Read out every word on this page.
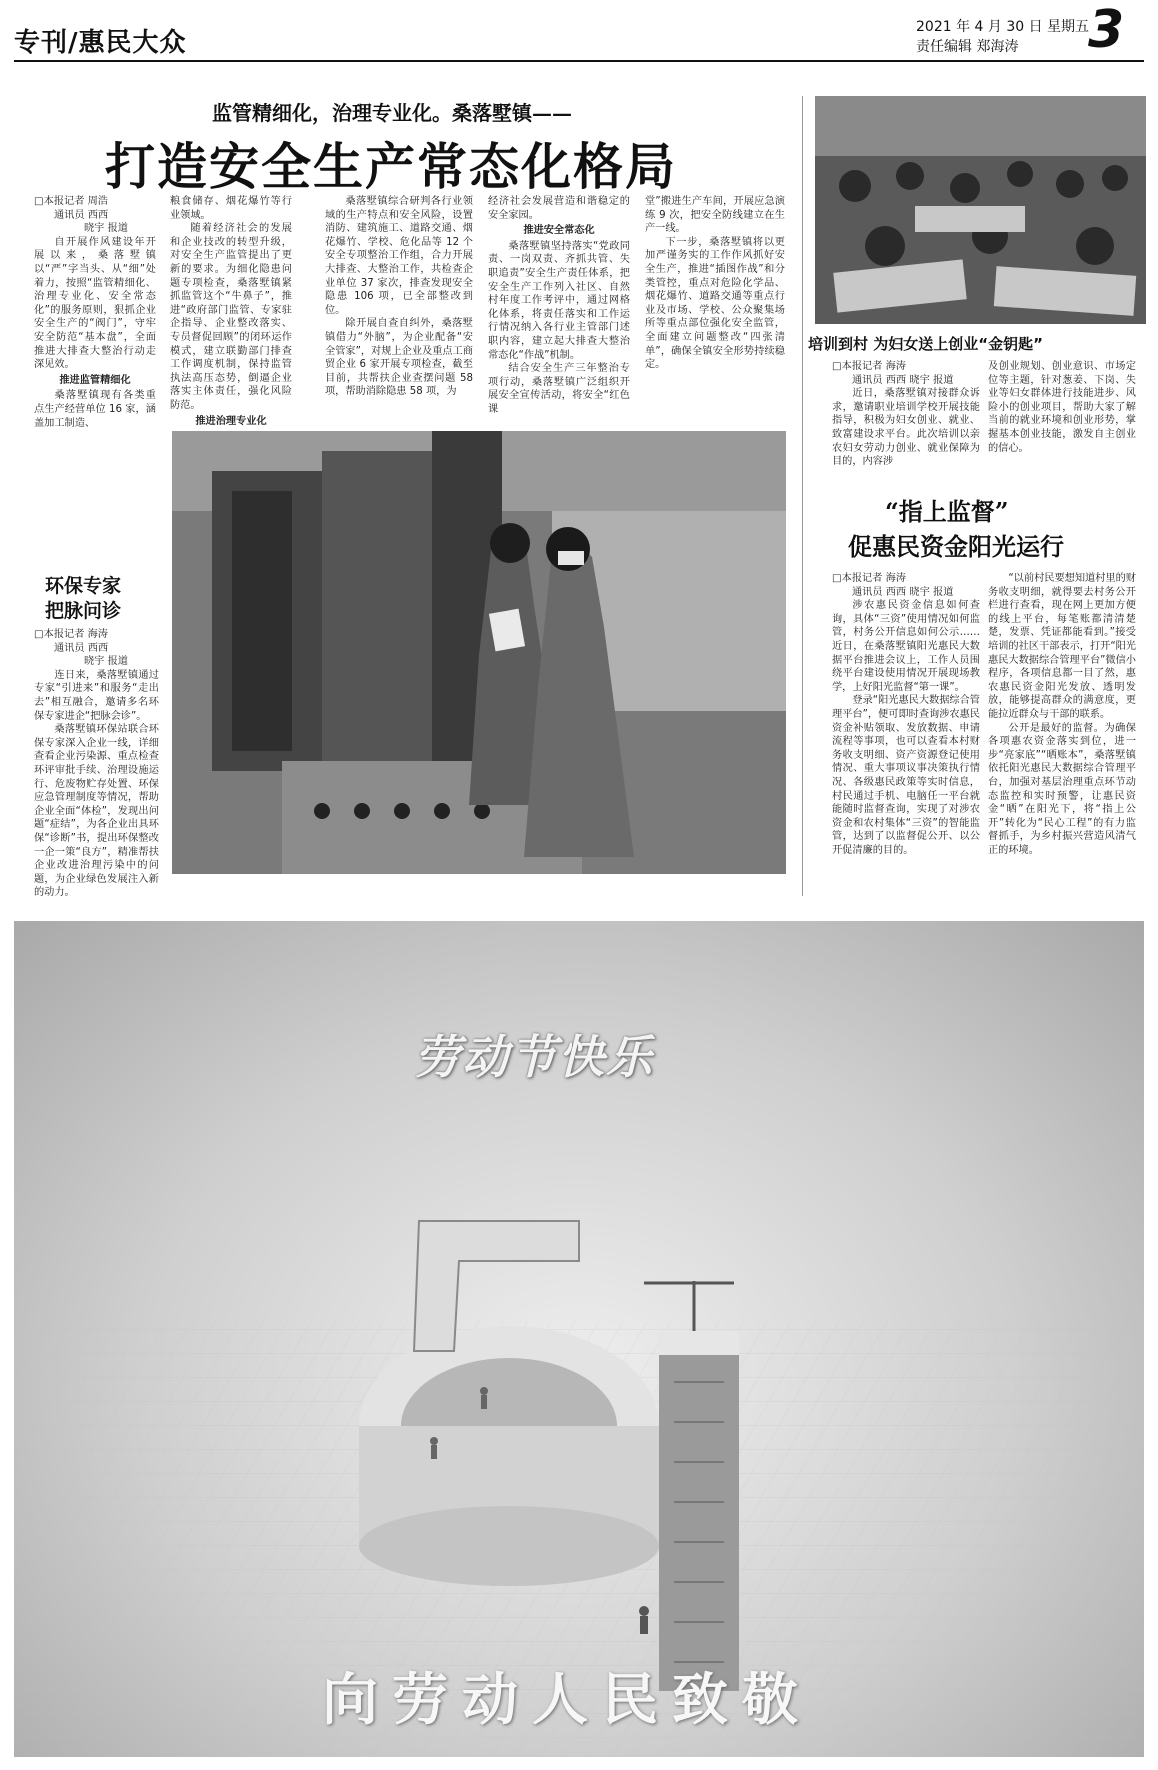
专刊/惠民大众
2021 年 4 月 30 日 星期五
责任编辑 郑海涛 3
监管精细化，治理专业化。桑落墅镇——
打造安全生产常态化格局

□本报记者 周浩

通讯员 西西

晓宇 报道

自开展作风建设年开展以来，桑落墅镇以“严”字当头、从“细”处着力，按照“监管精细化、治理专业化、安全常态化”的服务原则，狠抓企业安全生产的“阀门”，守牢安全防范“基本盘”，全面推进大排查大整治行动走深见效。

推进监管精细化

桑落墅镇现有各类重点生产经营单位 16 家，涵盖加工制造、

粮食储存、烟花爆竹等行业领域。

随着经济社会的发展和企业技改的转型升级，对安全生产监管提出了更新的要求。为细化隐患问题专项检查，桑落墅镇紧抓监管这个“牛鼻子”，推进“政府部门监管、专家驻企指导、企业整改落实、专员督促回顾”的闭环运作模式，建立联勤部门排查工作调度机制，保持监管执法高压态势，倒逼企业落实主体责任，强化风险防范。

推进治理专业化

桑落墅镇综合研判各行业领域的生产特点和安全风险，设置消防、建筑施工、道路交通、烟花爆竹、学校、危化品等 12 个安全专项整治工作组，合力开展大排查、大整治工作，共检查企业单位 37 家次，排查发现安全隐患 106 项，已全部整改到位。

除开展自查自纠外，桑落墅镇借力“外脑”，为企业配备“安全管家”，对规上企业及重点工商贸企业 6 家开展专项检查，截至目前，共帮扶企业查摆问题 58 项，帮助消除隐患 58 项，为

经济社会发展营造和谐稳定的安全家园。

推进安全常态化

桑落墅镇坚持落实“党政同责、一岗双责、齐抓共管、失职追责”安全生产责任体系，把安全生产工作列入社区、自然村年度工作考评中，通过网格化体系，将责任落实和工作运行情况纳入各行业主管部门述职内容，建立起大排查大整治常态化“作战”机制。

结合安全生产三年整治专项行动，桑落墅镇广泛组织开展安全宣传活动，将安全“红色课

堂”搬进生产车间，开展应急演练 9 次，把安全防线建立在生产一线。

下一步，桑落墅镇将以更加严谨务实的工作作风抓好安全生产，推进“插图作战”和分类管控，重点对危险化学品、烟花爆竹、道路交通等重点行业及市场、学校、公众聚集场所等重点部位强化安全监管，全面建立问题整改“四张清单”，确保全镇安全形势持续稳定。

培训到村 为妇女送上创业“金钥匙”

□本报记者 海涛

通讯员 西西 晓宇 报道

近日，桑落墅镇对接群众诉求，邀请职业培训学校开展技能指导，积极为妇女创业、就业、致富建设求平台。此次培训以亲农妇女劳动力创业、就业保障为目的，内容涉

及创业规划、创业意识、市场定位等主题，针对葱姜、下岗、失业等妇女群体进行技能进步、风险小的创业项目，帮助大家了解当前的就业环境和创业形势，掌握基本创业技能，激发自主创业的信心。

“指上监督”
促惠民资金阳光运行

□本报记者 海涛

通讯员 西西 晓宇 报道

涉农惠民资金信息如何查询，具体“三资”使用情况如何监管，村务公开信息如何公示……近日，在桑落墅镇阳光惠民大数据平台推进会议上，工作人员围绕平台建设使用情况开展现场教学，上好阳光监督“第一课”。

登录“阳光惠民大数据综合管理平台”，便可即时查询涉农惠民资金补贴领取、发放数据、申请流程等事项，也可以查看本村财务收支明细、资产资源登记使用情况、重大事项议事决策执行情况、各级惠民政策等实时信息，村民通过手机、电脑任一平台就能随时监督查询，实现了对涉农资金和农村集体“三资”的智能监管，达到了以监督促公开、以公开促清廉的目的。

“以前村民要想知道村里的财务收支明细，就得要去村务公开栏进行查看，现在网上更加方便的线上平台，每笔账都清清楚楚，发票、凭证都能看到。”接受培训的社区干部表示，打开“阳光惠民大数据综合管理平台”微信小程序，各项信息都一目了然，惠农惠民资金阳光发放、透明发放，能够提高群众的满意度，更能拉近群众与干部的联系。

公开是最好的监督。为确保各项惠农资金落实到位，进一步“亮家底”“晒账本”，桑落墅镇依托阳光惠民大数据综合管理平台，加强对基层治理重点环节动态监控和实时预警，让惠民资金“晒”在阳光下，将“指上公开”转化为“民心工程”的有力监督抓手，为乡村振兴营造风清气正的环境。

环保专家
把脉问诊

□本报记者 海涛

通讯员 西西

晓宇 报道

连日来，桑落墅镇通过专家“引进来”和服务“走出去”相互融合，邀请多名环保专家进企“把脉会诊”。

桑落墅镇环保站联合环保专家深入企业一线，详细查看企业污染源、重点检查环评审批手续、治理设施运行、危废物贮存处置、环保应急管理制度等情况，帮助企业全面“体检”，发现出问题“症结”，为各企业出具环保“诊断”书，提出环保整改一企一策“良方”，精准帮扶企业改进治理污染中的问题，为企业绿色发展注入新的动力。

劳动节快乐
向劳动人民致敬
